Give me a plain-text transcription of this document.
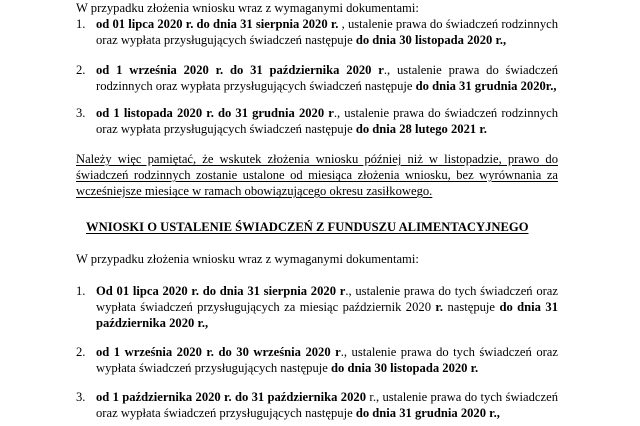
W przypadku złożenia wniosku wraz z wymaganymi dokumentami:

1. od 01 lipca 2020 r. do dnia 31 sierpnia 2020 r. , ustalenie prawa do świadczeń rodzinnych oraz wypłata przysługujących świadczeń następuje do dnia 30 listopada 2020 r.,
2. od 1 września 2020 r. do 31 października 2020 r., ustalenie prawa do świadczeń rodzinnych oraz wypłata przysługujących świadczeń następuje do dnia 31 grudnia 2020r.,
3. od 1 listopada 2020 r. do 31 grudnia 2020 r., ustalenie prawa do świadczeń rodzinnych oraz wypłata przysługujących świadczeń następuje do dnia 28 lutego 2021 r.

Należy więc pamiętać, że wskutek złożenia wniosku później niż w listopadzie, prawo do świadczeń rodzinnych zostanie ustalone od miesiąca złożenia wniosku, bez wyrównania za wcześniejsze miesiące w ramach obowiązującego okresu zasiłkowego.

WNIOSKI O USTALENIE ŚWIADCZEŃ Z FUNDUSZU ALIMENTACYJNEGO

W przypadku złożenia wniosku wraz z wymaganymi dokumentami:

1. Od 01 lipca 2020 r. do dnia 31 sierpnia 2020 r., ustalenie prawa do tych świadczeń oraz wypłata świadczeń przysługujących za miesiąc październik 2020 r. następuje do dnia 31 października 2020 r.,
2. od 1 września 2020 r. do 30 września 2020 r., ustalenie prawa do tych świadczeń oraz wypłata świadczeń przysługujących następuje do dnia 30 listopada 2020 r.
3. od 1 października 2020 r. do 31 października 2020 r., ustalenie prawa do tych świadczeń oraz wypłata świadczeń przysługujących następuje do dnia 31 grudnia 2020 r.,
